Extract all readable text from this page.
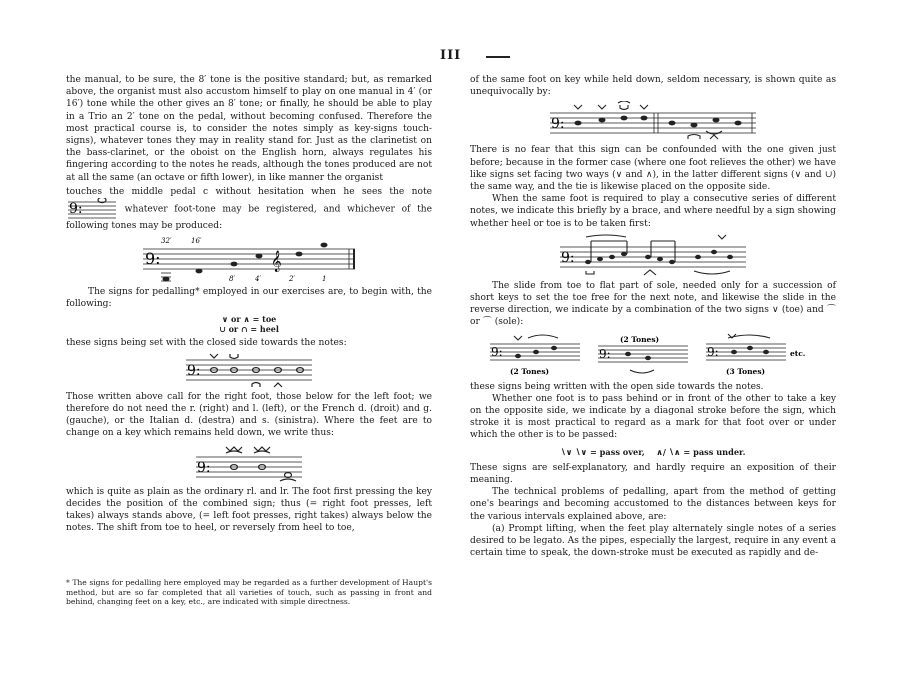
III

the manual, to be sure, the 8′ tone is the positive standard; but, as remarked above, the organist must also accustom himself to play on one manual in 4′ (or 16′) tone while the other gives an 8′ tone; or finally, he should be able to play in a Trio an 2′ tone on the pedal, without becoming confused. Therefore the most practical course is, to consider the notes simply as key-signs touch-signs), whatever tones they may in reality stand for. Just as the clarinetist on the bass-clarinet, or the oboist on the English horn, always regulates his fingering according to the notes he reads, although the tones produced are not at all the same (an octave or fifth lower), in like manner the organist

touches the middle pedal c without hesitation when he sees the note
9:	whatever foot-tone may be registered, and whichever of the following tones may be produced:

9:	𝄞
32′	16′
8′	4′	2′	1

The signs for pedalling* employed in our exercises are, to begin with, the following:

∨ or ∧ = toe

∪ or ∩ = heel

these signs being set with the closed side towards the notes:

9:

Those written above call for the right foot, those below for the left foot; we therefore do not need the r. (right) and l. (left), or the French d. (droit) and g. (gauche), or the Italian d. (destra) and s. (sinistra). Where the feet are to change on a key which remains held down, we write thus:

9:

which is quite as plain as the ordinary rl. and lr. The foot first pressing the key decides the position of the combined sign; thus (= right foot presses, left takes) always stands above, (= left foot presses, right takes) always below the notes. The shift from toe to heel, or reversely from heel to toe,

* The signs for pedalling here employed may be regarded as a further development of Haupt's method, but are so far completed that all varieties of touch, such as passing in front and behind, changing feet on a key, etc., are indicated with simple directness.

of the same foot on key while held down, seldom necessary, is shown quite as unequivocally by:

9:

There is no fear that this sign can be confounded with the one given just before; because in the former case (where one foot relieves the other) we have like signs set facing two ways (∨ and ∧), in the latter different signs (∨ and ∪) the same way, and the tie is likewise placed on the opposite side.

When the same foot is required to play a consecutive series of different notes, we indicate this briefly by a brace, and where needful by a sign showing whether heel or toe is to be taken first:

9:

The slide from toe to flat part of sole, needed only for a succession of short keys to set the toe free for the next note, and likewise the slide in the reverse direction, we indicate by a combination of the two signs ∨ (toe) and ⌒ or ⌒ (sole):

9:	9:	9:
(2 Tones)
(2 Tones)
(3 Tones)
etc.

these signs being written with the open side towards the notes.

Whether one foot is to pass behind or in front of the other to take a key on the opposite side, we indicate by a diagonal stroke before the sign, which stroke it is most practical to regard as a mark for that foot over or under which the other is to be passed:

∖∨ ∖∨ = pass over, ∧/ ∖∧ = pass under.

These signs are self-explanatory, and hardly require an exposition of their meaning.

The technical problems of pedalling, apart from the method of getting one's bearings and becoming accustomed to the distances between keys for the various intervals explained above, are:

(a) Prompt lifting, when the feet play alternately single notes of a series desired to be legato. As the pipes, especially the largest, require in any event a certain time to speak, the down-stroke must be executed as rapidly and de-
